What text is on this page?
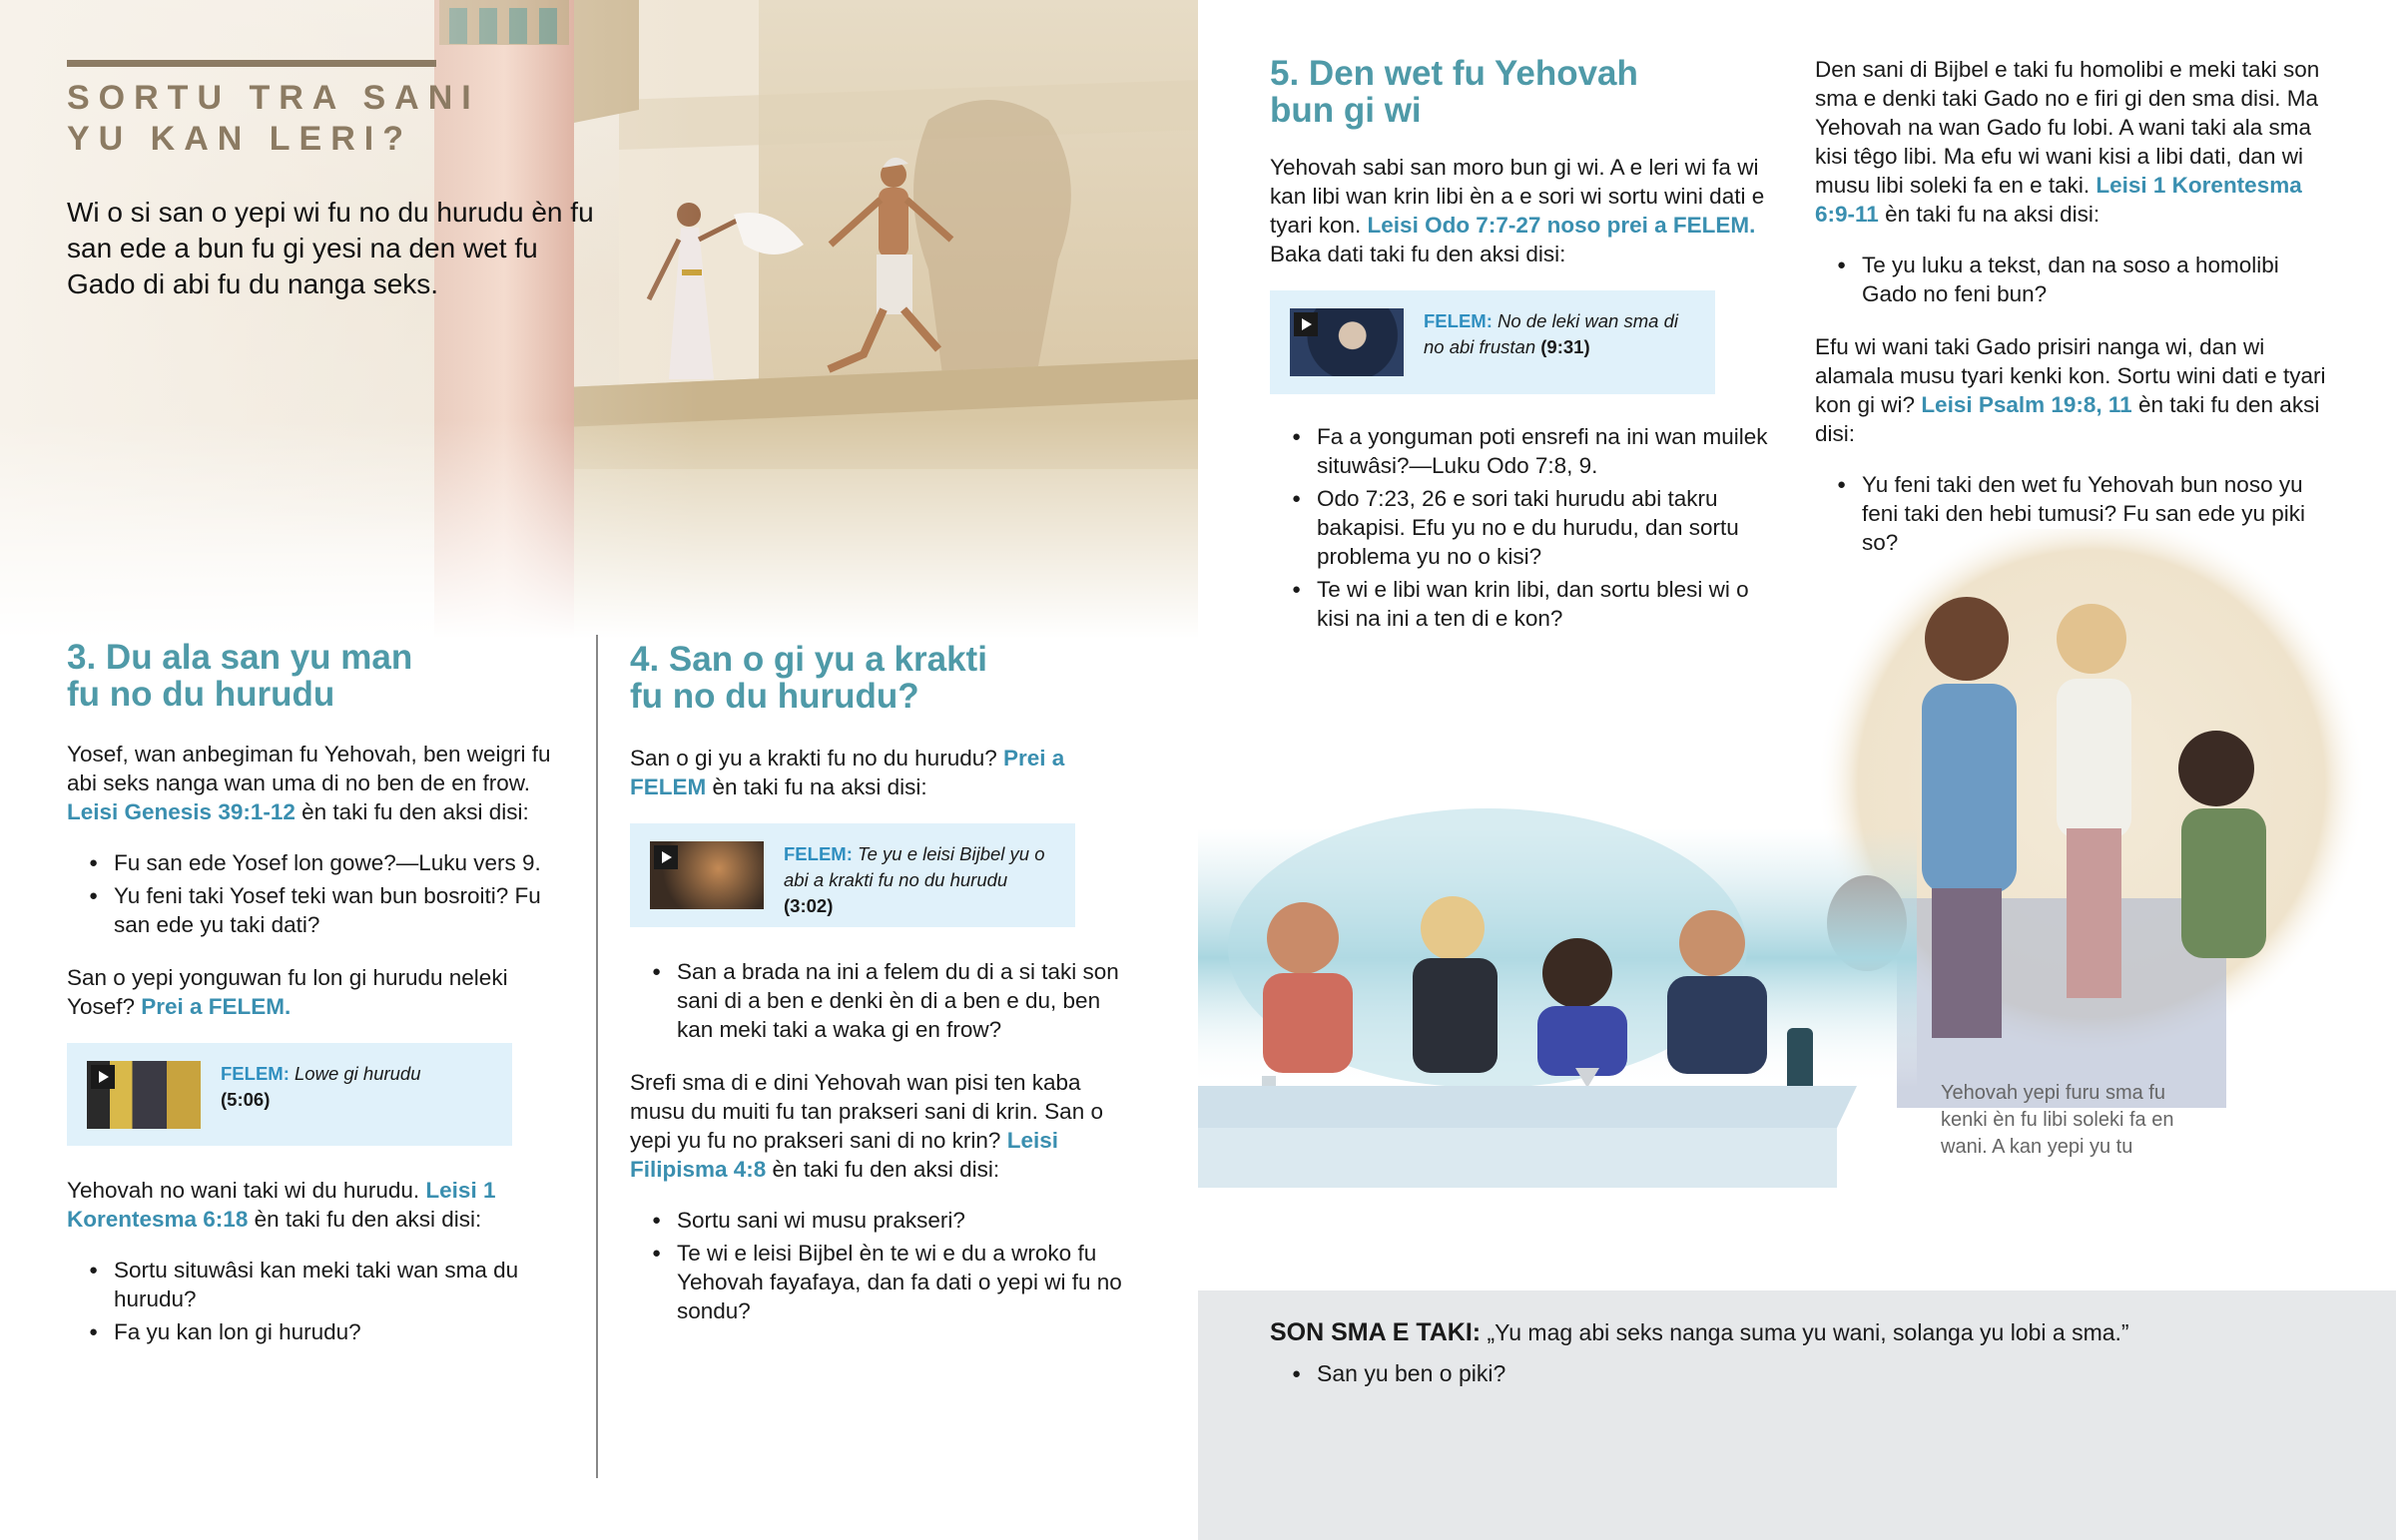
SORTU TRA SANI YU KAN LERI?
Wi o si san o yepi wi fu no du hurudu èn fu san ede a bun fu gi yesi na den wet fu Gado di abi fu du nanga seks.
3. Du ala san yu man fu no du hurudu

Yosef, wan anbegiman fu Yehovah, ben weigri fu abi seks nanga wan uma di no ben de en frow. Leisi Genesis 39:1-12 èn taki fu den aksi disi:

● Fu san ede Yosef lon gowe?—Luku vers 9.
● Yu feni taki Yosef teki wan bun bosroiti? Fu san ede yu taki dati?

San o yepi yonguwan fu lon gi hurudu neleki Yosef? Prei a FELEM.

FELEM: Lowe gi hurudu
(5:06)

Yehovah no wani taki wi du hurudu. Leisi 1 Korentesma 6:18 èn taki fu den aksi disi:

● Sortu situwâsi kan meki taki wan sma du hurudu?
● Fa yu kan lon gi hurudu?
4. San o gi yu a krakti fu no du hurudu?

San o gi yu a krakti fu no du hurudu? Prei a FELEM èn taki fu na aksi disi:

FELEM: Te yu e leisi Bijbel yu o abi a krakti fu no du hurudu
(3:02)
● San a brada na ini a felem du di a si taki son sani di a ben e denki èn di a ben e du, ben kan meki taki a waka gi en frow?

Srefi sma di e dini Yehovah wan pisi ten kaba musu du muiti fu tan prakseri sani di krin. San o yepi yu fu no prakseri sani di no krin? Leisi Filipisma 4:8 èn taki fu den aksi disi:

● Sortu sani wi musu prakseri?
● Te wi e leisi Bijbel èn te wi e du a wroko fu Yehovah fayafaya, dan fa dati o yepi wi fu no sondu?
5. Den wet fu Yehovah bun gi wi

Yehovah sabi san moro bun gi wi. A e leri wi fa wi kan libi wan krin libi èn a e sori wi sortu wini dati e tyari kon. Leisi Odo 7:7-27 noso prei a FELEM. Baka dati taki fu den aksi disi:

FELEM: No de leki wan sma di no abi frustan (9:31)
● Fa a yonguman poti ensrefi na ini wan muilek situwâsi?—Luku Odo 7:8, 9.
● Odo 7:23, 26 e sori taki hurudu abi takru bakapisi. Efu yu no e du hurudu, dan sortu problema yu no o kisi?
● Te wi e libi wan krin libi, dan sortu blesi wi o kisi na ini a ten di e kon?

Den sani di Bijbel e taki fu homolibi e meki taki son sma e denki taki Gado no e firi gi den sma disi. Ma Yehovah na wan Gado fu lobi. A wani taki ala sma kisi têgo libi. Ma efu wi wani kisi a libi dati, dan wi musu libi soleki fa en e taki. Leisi 1 Korentesma 6:9-11 èn taki fu na aksi disi:

● Te yu luku a tekst, dan na soso a homolibi Gado no feni bun?

Efu wi wani taki Gado prisiri nanga wi, dan wi alamala musu tyari kenki kon. Sortu wini dati e tyari kon gi wi? Leisi Psalm 19:8, 11 èn taki fu den aksi disi:

● Yu feni taki den wet fu Yehovah bun noso yu feni taki den hebi tumusi? Fu san ede yu piki so?
Yehovah yepi furu sma fu kenki èn fu libi soleki fa en wani. A kan yepi yu tu
SON SMA E TAKI: „Yu mag abi seks nanga suma yu wani, solanga yu lobi a sma.”
● San yu ben o piki?
